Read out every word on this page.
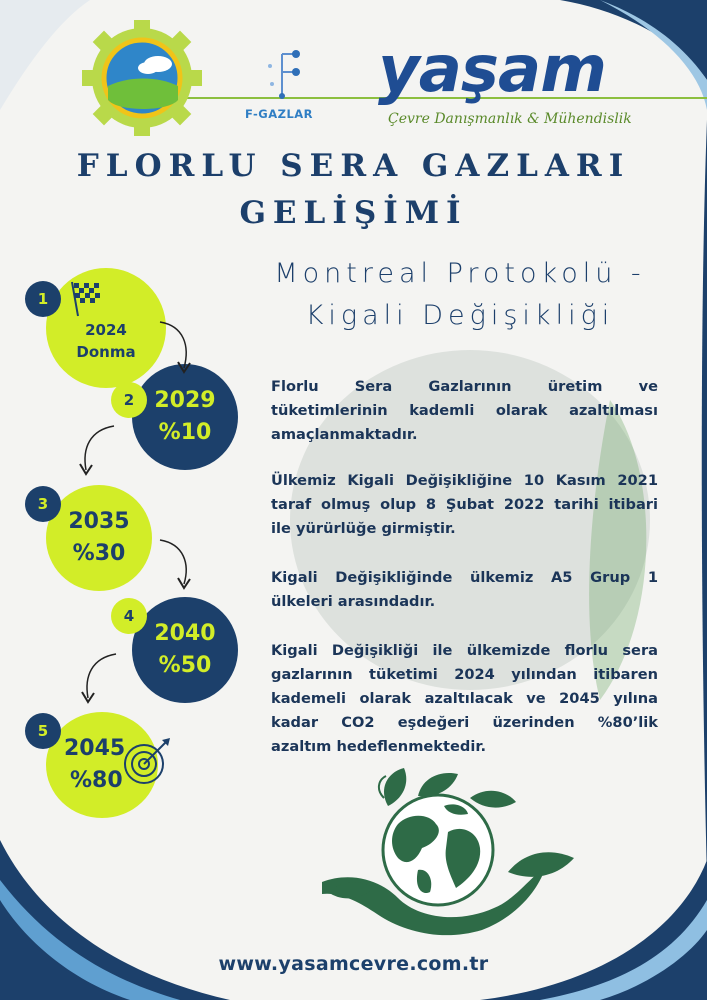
F-GAZLAR
yaşam
Çevre Danışmanlık & Mühendislik
FLORLU SERA GAZLARI
GELİŞİMİ
Montreal Protokolü -
Kigali Değişikliği
Florlu Sera Gazlarının üretim ve
tüketimlerinin kademli olarak azaltılması
amaçlanmaktadır.
Ülkemiz Kigali Değişikliğine 10 Kasım 2021
taraf olmuş olup 8 Şubat 2022 tarihi itibari
ile yürürlüğe girmiştir.
Kigali Değişikliğinde ülkemiz A5 Grup 1
ülkeleri arasındadır.
Kigali Değişikliği ile ülkemizde florlu sera
gazlarının tüketimi 2024 yılından itibaren
kademeli olarak azaltılacak ve 2045 yılına
kadar CO2 eşdeğeri üzerinden %80’lik
azaltım hedeflenmektedir.
2024
Donma
1
2029
%10
2
2035
%30
3
2040
%50
4
2045
%80
5
www.yasamcevre.com.tr
